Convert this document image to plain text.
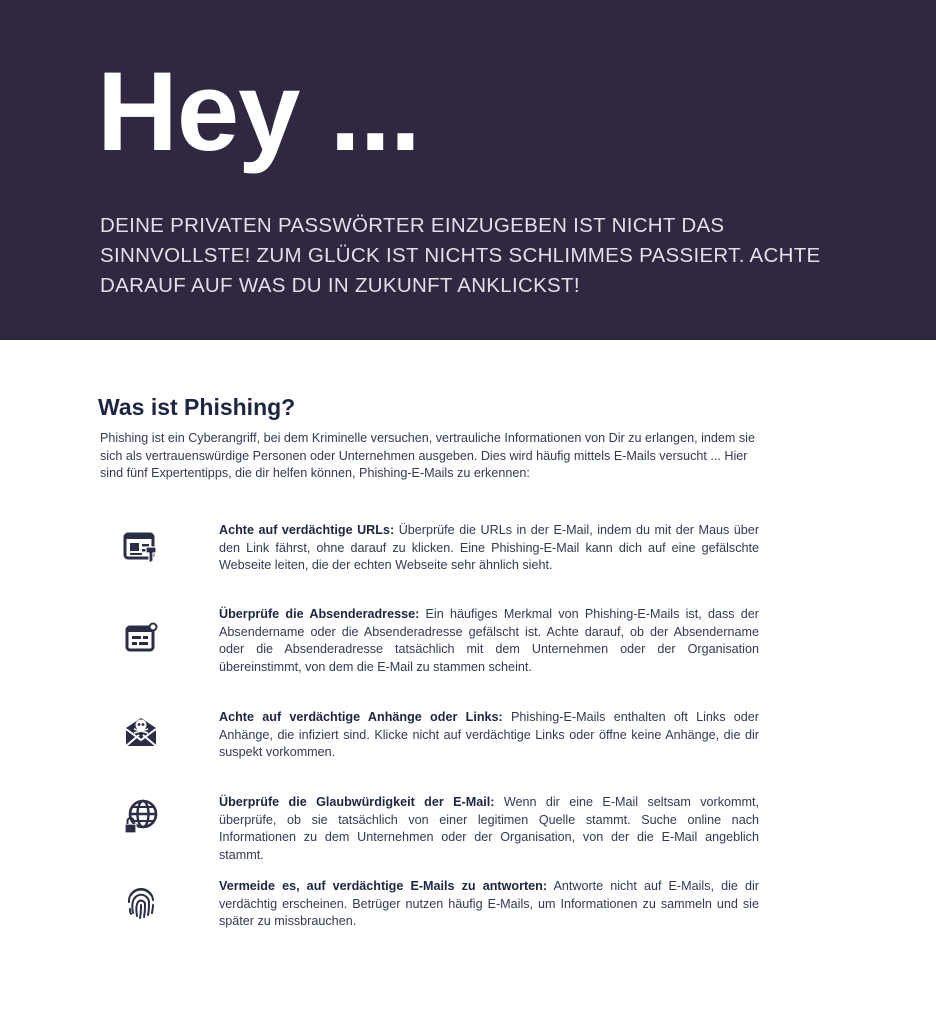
Hey ...

DEINE PRIVATEN PASSWÖRTER EINZUGEBEN IST NICHT DAS SINNVOLLSTE! ZUM GLÜCK IST NICHTS SCHLIMMES PASSIERT. ACHTE DARAUF AUF WAS DU IN ZUKUNFT ANKLICKST!

Was ist Phishing?

Phishing ist ein Cyberangriff, bei dem Kriminelle versuchen, vertrauliche Informationen von Dir zu erlangen, indem sie sich als vertrauenswürdige Personen oder Unternehmen ausgeben. Dies wird häufig mittels E-Mails versucht ... Hier sind fünf Expertentipps, die dir helfen können, Phishing-E-Mails zu erkennen:

Achte auf verdächtige URLs: Überprüfe die URLs in der E-Mail, indem du mit der Maus über den Link fährst, ohne darauf zu klicken. Eine Phishing-E-Mail kann dich auf eine gefälschte Webseite leiten, die der echten Webseite sehr ähnlich sieht.

Überprüfe die Absenderadresse: Ein häufiges Merkmal von Phishing-E-Mails ist, dass der Absendername oder die Absenderadresse gefälscht ist. Achte darauf, ob der Absendername oder die Absenderadresse tatsächlich mit dem Unternehmen oder der Organisation übereinstimmt, von dem die E-Mail zu stammen scheint.

Achte auf verdächtige Anhänge oder Links: Phishing-E-Mails enthalten oft Links oder Anhänge, die infiziert sind. Klicke nicht auf verdächtige Links oder öffne keine Anhänge, die dir suspekt vorkommen.

Überprüfe die Glaubwürdigkeit der E-Mail: Wenn dir eine E-Mail seltsam vorkommt, überprüfe, ob sie tatsächlich von einer legitimen Quelle stammt. Suche online nach Informationen zu dem Unternehmen oder der Organisation, von der die E-Mail angeblich stammt.

Vermeide es, auf verdächtige E-Mails zu antworten: Antworte nicht auf E-Mails, die dir verdächtig erscheinen. Betrüger nutzen häufig E-Mails, um Informationen zu sammeln und sie später zu missbrauchen.
